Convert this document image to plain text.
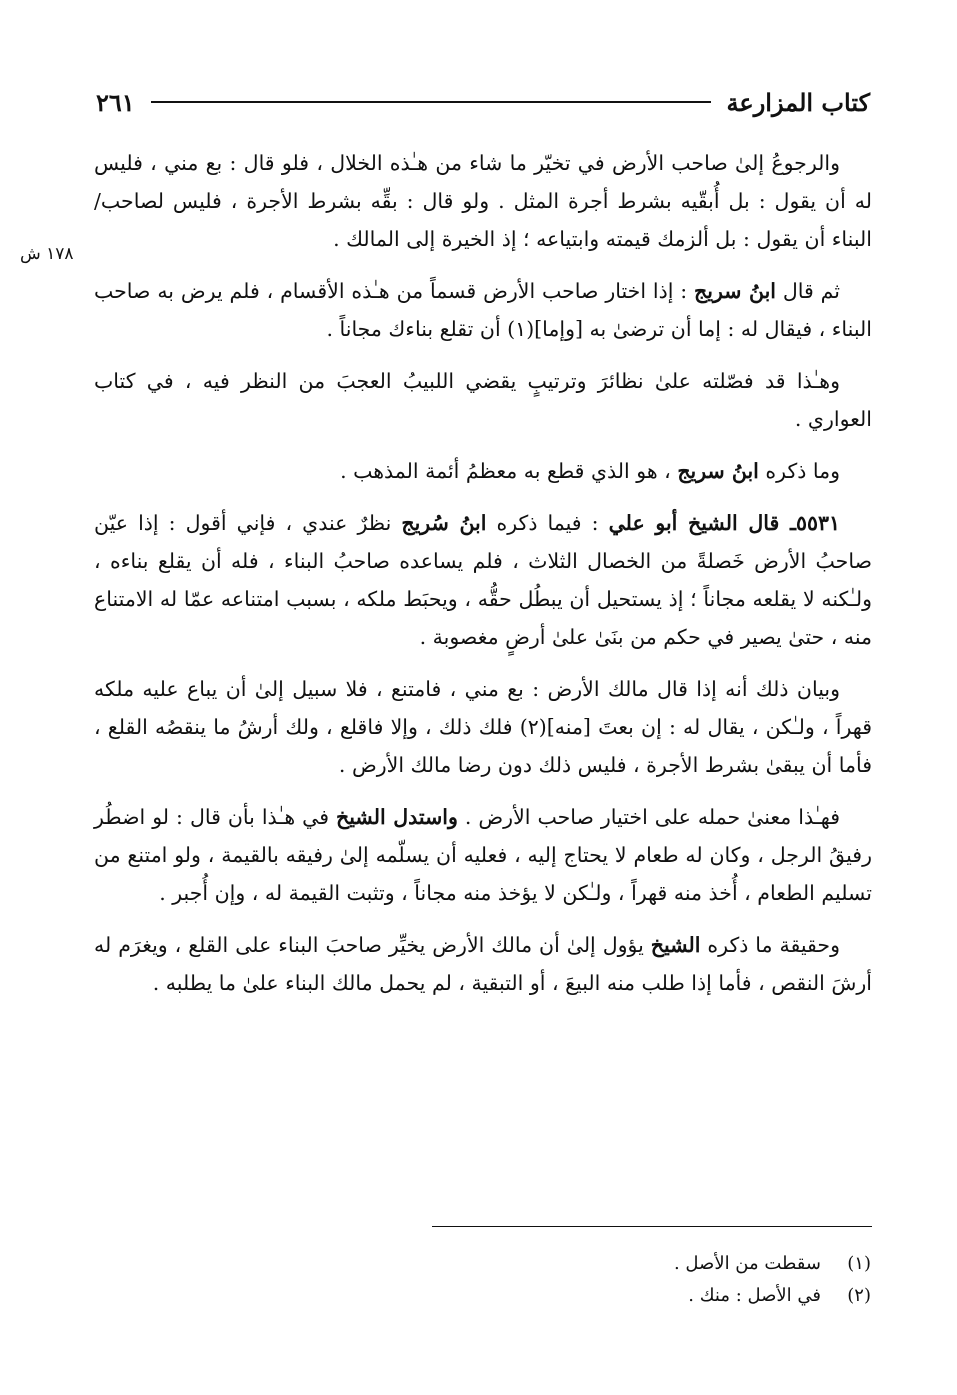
كتاب المزارعة
٢٦١
١٧٨ ش

والرجوعُ إلىٰ صاحب الأرض في تخيّر ما شاء من هـٰذه الخلال ، فلو قال : بع مني ، فليس له أن يقول : بل أُبقّيه بشرط أجرة المثل . ولو قال : بقِّه بشرط الأجرة ، فليس لصاحب/ البناء أن يقول : بل ألزمك قيمته وابتياعه ؛ إذ الخيرة إلى المالك .

ثم قال ابنُ سريج : إذا اختار صاحب الأرض قسماً من هـٰذه الأقسام ، فلم يرض به صاحب البناء ، فيقال له : إما أن ترضىٰ به [وإما](١) أن تقلع بناءك مجاناً .

وهـٰذا قد فصّلته علىٰ نظائرَ وترتيبٍ يقضي اللبيبُ العجبَ من النظر فيه ، في كتاب العواري .

وما ذكره ابنُ سريج ، هو الذي قطع به معظمُ أئمة المذهب .

٥٥٣١ـ قال الشيخ أبو علي : فيما ذكره ابنُ سُريج نظرٌ عندي ، فإني أقول : إذا عيّن صاحبُ الأرض خَصلةً من الخصال الثلاث ، فلم يساعده صاحبُ البناء ، فله أن يقلع بناءه ، ولـٰكنه لا يقلعه مجاناً ؛ إذ يستحيل أن يبطُل حقُّه ، ويحبَط ملكه ، بسبب امتناعه عمّا له الامتناع منه ، حتىٰ يصير في حكم من بنَىٰ علىٰ أرضٍ مغصوبة .

وبيان ذلك أنه إذا قال مالك الأرض : بع مني ، فامتنع ، فلا سبيل إلىٰ أن يباع عليه ملكه قهراً ، ولـٰكن ، يقال له : إن بعتَ [منه](٢) فلك ذلك ، وإلا فاقلع ، ولك أرشُ ما ينقصُه القلع ، فأما أن يبقىٰ بشرط الأجرة ، فليس ذلك دون رضا مالك الأرض .

فهـٰذا معنىٰ حمله على اختيار صاحب الأرض . واستدل الشيخ في هـٰذا بأن قال : لو اضطُر رفيقُ الرجل ، وكان له طعام لا يحتاج إليه ، فعليه أن يسلّمه إلىٰ رفيقه بالقيمة ، ولو امتنع من تسليم الطعام ، أُخذ منه قهراً ، ولـٰكن لا يؤخذ منه مجاناً ، وتثبت القيمة له ، وإن أُجبر .

وحقيقة ما ذكره الشيخ يؤول إلىٰ أن مالك الأرض يخيِّر صاحبَ البناء على القلع ، ويغرَم له أرشَ النقص ، فأما إذا طلب منه البيعَ ، أو التبقية ، لم يحمل مالك البناء علىٰ ما يطلبه .

(١)
سقطت من الأصل .
(٢)
في الأصل : منك .
